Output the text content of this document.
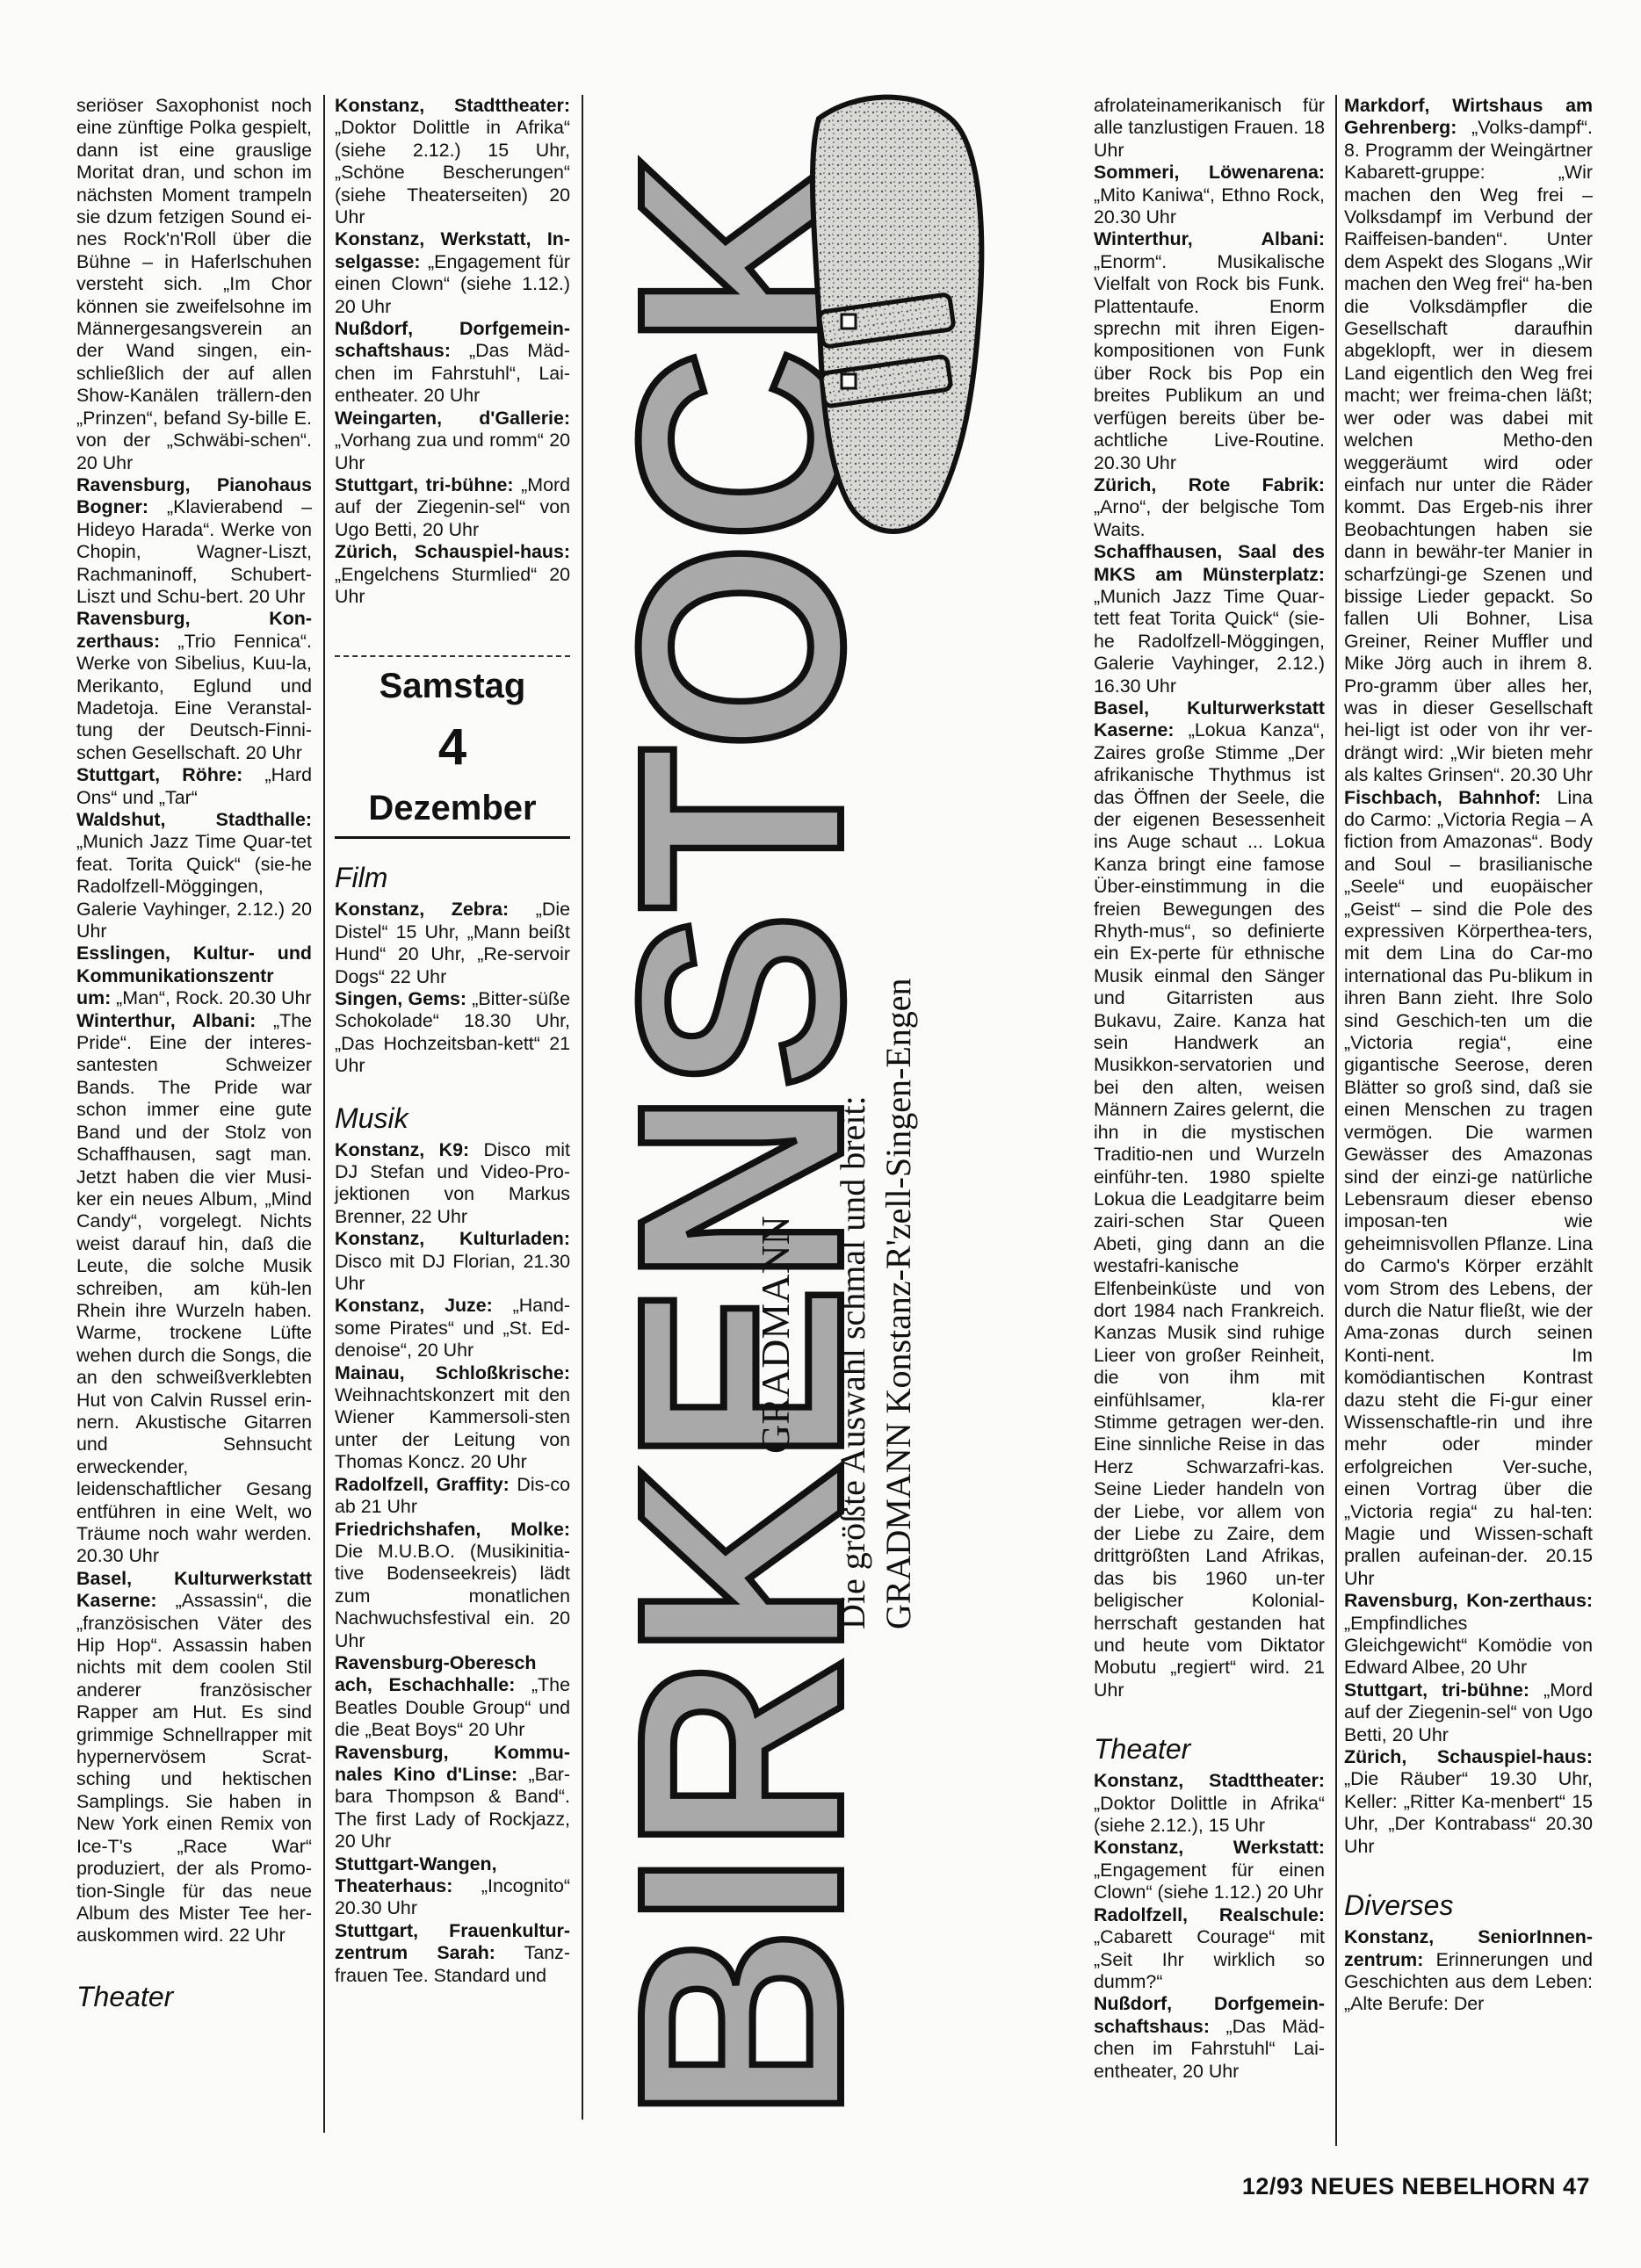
seriöser Saxophonist noch eine zünftige Polka gespielt, dann ist eine grauslige Moritat dran, und schon im nächsten Moment trampeln sie dzum fetzigen Sound ei-nes Rock'n'Roll über die Bühne – in Haferlschuhen versteht sich. „Im Chor können sie zweifelsohne im Männergesangsverein an der Wand singen, ein-schließlich der auf allen Show-Kanälen trällern-den „Prinzen“, befand Sy-bille E. von der „Schwäbi-schen“. 20 Uhr

Ravensburg, Pianohaus Bogner: „Klavierabend – Hideyo Harada“. Werke von Chopin, Wagner-Liszt, Rachmaninoff, Schubert-Liszt und Schu-bert. 20 Uhr

Ravensburg, Kon-zerthaus: „Trio Fennica“. Werke von Sibelius, Kuu-la, Merikanto, Eglund und Madetoja. Eine Veranstal-tung der Deutsch-Finni-schen Gesellschaft. 20 Uhr

Stuttgart, Röhre: „Hard Ons“ und „Tar“

Waldshut, Stadthalle: „Munich Jazz Time Quar-tet feat. Torita Quick“ (sie-he Radolfzell-Möggingen, Galerie Vayhinger, 2.12.) 20 Uhr

Esslingen, Kultur- und Kommunikationszentr um: „Man“, Rock. 20.30 Uhr

Winterthur, Albani: „The Pride“. Eine der interes-santesten Schweizer Bands. The Pride war schon immer eine gute Band und der Stolz von Schaffhausen, sagt man. Jetzt haben die vier Musi-ker ein neues Album, „Mind Candy“, vorgelegt. Nichts weist darauf hin, daß die Leute, die solche Musik schreiben, am küh-len Rhein ihre Wurzeln haben. Warme, trockene Lüfte wehen durch die Songs, die an den schweißverklebten Hut von Calvin Russel erin-nern. Akustische Gitarren und Sehnsucht erweckender, leidenschaftlicher Gesang entführen in eine Welt, wo Träume noch wahr werden. 20.30 Uhr

Basel, Kulturwerkstatt Kaserne: „Assassin“, die „französischen Väter des Hip Hop“. Assassin haben nichts mit dem coolen Stil anderer französischer Rapper am Hut. Es sind grimmige Schnellrapper mit hypernervösem Scrat-sching und hektischen Samplings. Sie haben in New York einen Remix von Ice-T's „Race War“ produziert, der als Promo-tion-Single für das neue Album des Mister Tee her-auskommen wird. 22 Uhr

Theater

Konstanz, Stadttheater: „Doktor Dolittle in Afrika“ (siehe 2.12.) 15 Uhr, „Schöne Bescherungen“ (siehe Theaterseiten) 20 Uhr

Konstanz, Werkstatt, In-selgasse: „Engagement für einen Clown“ (siehe 1.12.) 20 Uhr

Nußdorf, Dorfgemein-schaftshaus: „Das Mäd-chen im Fahrstuhl“, Lai-entheater. 20 Uhr

Weingarten, d'Gallerie: „Vorhang zua und romm“ 20 Uhr

Stuttgart, tri-bühne: „Mord auf der Ziegenin-sel“ von Ugo Betti, 20 Uhr

Zürich, Schauspiel-haus: „Engelchens Sturmlied“ 20 Uhr

Samstag
4
Dezember
Film

Konstanz, Zebra: „Die Distel“ 15 Uhr, „Mann beißt Hund“ 20 Uhr, „Re-servoir Dogs“ 22 Uhr

Singen, Gems: „Bitter-süße Schokolade“ 18.30 Uhr, „Das Hochzeitsban-kett“ 21 Uhr

Musik

Konstanz, K9: Disco mit DJ Stefan und Video-Pro-jektionen von Markus Brenner, 22 Uhr

Konstanz, Kulturladen: Disco mit DJ Florian, 21.30 Uhr

Konstanz, Juze: „Hand-some Pirates“ und „St. Ed-denoise“, 20 Uhr

Mainau, Schloßkrische: Weihnachtskonzert mit den Wiener Kammersoli-sten unter der Leitung von Thomas Koncz. 20 Uhr

Radolfzell, Graffity: Dis-co ab 21 Uhr

Friedrichshafen, Molke: Die M.U.B.O. (Musikinitia-tive Bodenseekreis) lädt zum monatlichen Nachwuchsfestival ein. 20 Uhr

Ravensburg-Oberesch ach, Eschachhalle: „The Beatles Double Group“ und die „Beat Boys“ 20 Uhr

Ravensburg, Kommu-nales Kino d'Linse: „Bar-bara Thompson & Band“. The first Lady of Rockjazz, 20 Uhr

Stuttgart-Wangen, Theaterhaus: „Incognito“ 20.30 Uhr

Stuttgart, Frauenkultur-zentrum Sarah: Tanz-frauen Tee. Standard und BIRKENSTOCK
GRADMANN Die größte Auswahl schmal und breit: GRADMANN Konstanz-R'zell-Singen-Engen

afrolateinamerikanisch für alle tanzlustigen Frauen. 18 Uhr

Sommeri, Löwenarena: „Mito Kaniwa“, Ethno Rock, 20.30 Uhr

Winterthur, Albani: „Enorm“. Musikalische Vielfalt von Rock bis Funk. Plattentaufe. Enorm sprechn mit ihren Eigen-kompositionen von Funk über Rock bis Pop ein breites Publikum an und verfügen bereits über be-achtliche Live-Routine. 20.30 Uhr

Zürich, Rote Fabrik: „Arno“, der belgische Tom Waits.

Schaffhausen, Saal des MKS am Münsterplatz: „Munich Jazz Time Quar-tett feat Torita Quick“ (sie-he Radolfzell-Möggingen, Galerie Vayhinger, 2.12.) 16.30 Uhr

Basel, Kulturwerkstatt Kaserne: „Lokua Kanza“, Zaires große Stimme „Der afrikanische Thythmus ist das Öffnen der Seele, die der eigenen Besessenheit ins Auge schaut ... Lokua Kanza bringt eine famose Über-einstimmung in die freien Bewegungen des Rhyth-mus“, so definierte ein Ex-perte für ethnische Musik einmal den Sänger und Gitarristen aus Bukavu, Zaire. Kanza hat sein Handwerk an Musikkon-servatorien und bei den alten, weisen Männern Zaires gelernt, die ihn in die mystischen Traditio-nen und Wurzeln einführ-ten. 1980 spielte Lokua die Leadgitarre beim zairi-schen Star Queen Abeti, ging dann an die westafri-kanische Elfenbeinküste und von dort 1984 nach Frankreich. Kanzas Musik sind ruhige Lieer von großer Reinheit, die von ihm mit einfühlsamer, kla-rer Stimme getragen wer-den. Eine sinnliche Reise in das Herz Schwarzafri-kas. Seine Lieder handeln von der Liebe, vor allem von der Liebe zu Zaire, dem drittgrößten Land Afrikas, das bis 1960 un-ter beligischer Kolonial-herrschaft gestanden hat und heute vom Diktator Mobutu „regiert“ wird. 21 Uhr

Theater

Konstanz, Stadttheater: „Doktor Dolittle in Afrika“ (siehe 2.12.), 15 Uhr

Konstanz, Werkstatt: „Engagement für einen Clown“ (siehe 1.12.) 20 Uhr

Radolfzell, Realschule: „Cabarett Courage“ mit „Seit Ihr wirklich so dumm?“

Nußdorf, Dorfgemein-schaftshaus: „Das Mäd-chen im Fahrstuhl“ Lai-entheater, 20 Uhr

Markdorf, Wirtshaus am Gehrenberg: „Volks-dampf“. 8. Programm der Weingärtner Kabarett-gruppe: „Wir machen den Weg frei – Volksdampf im Verbund der Raiffeisen-banden“. Unter dem Aspekt des Slogans „Wir machen den Weg frei“ ha-ben die Volksdämpfler die Gesellschaft daraufhin abgeklopft, wer in diesem Land eigentlich den Weg frei macht; wer freima-chen läßt; wer oder was dabei mit welchen Metho-den weggeräumt wird oder einfach nur unter die Räder kommt. Das Ergeb-nis ihrer Beobachtungen haben sie dann in bewähr-ter Manier in scharfzüngi-ge Szenen und bissige Lieder gepackt. So fallen Uli Bohner, Lisa Greiner, Reiner Muffler und Mike Jörg auch in ihrem 8. Pro-gramm über alles her, was in dieser Gesellschaft hei-ligt ist oder von ihr ver-drängt wird: „Wir bieten mehr als kaltes Grinsen“. 20.30 Uhr

Fischbach, Bahnhof: Lina do Carmo: „Victoria Regia – A fiction from Amazonas“. Body and Soul – brasilianische „Seele“ und euopäischer „Geist“ – sind die Pole des expressiven Körperthea-ters, mit dem Lina do Car-mo international das Pu-blikum in ihren Bann zieht. Ihre Solo sind Geschich-ten um die „Victoria regia“, eine gigantische Seerose, deren Blätter so groß sind, daß sie einen Menschen zu tragen vermögen. Die warmen Gewässer des Amazonas sind der einzi-ge natürliche Lebensraum dieser ebenso imposan-ten wie geheimnisvollen Pflanze. Lina do Carmo's Körper erzählt vom Strom des Lebens, der durch die Natur fließt, wie der Ama-zonas durch seinen Konti-nent. Im komödiantischen Kontrast dazu steht die Fi-gur einer Wissenschaftle-rin und ihre mehr oder minder erfolgreichen Ver-suche, einen Vortrag über die „Victoria regia“ zu hal-ten: Magie und Wissen-schaft prallen aufeinan-der. 20.15 Uhr

Ravensburg, Kon-zerthaus: „Empfindliches Gleichgewicht“ Komödie von Edward Albee, 20 Uhr

Stuttgart, tri-bühne: „Mord auf der Ziegenin-sel“ von Ugo Betti, 20 Uhr

Zürich, Schauspiel-haus: „Die Räuber“ 19.30 Uhr, Keller: „Ritter Ka-menbert“ 15 Uhr, „Der Kontrabass“ 20.30 Uhr

Diverses

Konstanz, SeniorInnen-zentrum: Erinnerungen und Geschichten aus dem Leben: „Alte Berufe: Der

12/93 NEUES NEBELHORN 47
